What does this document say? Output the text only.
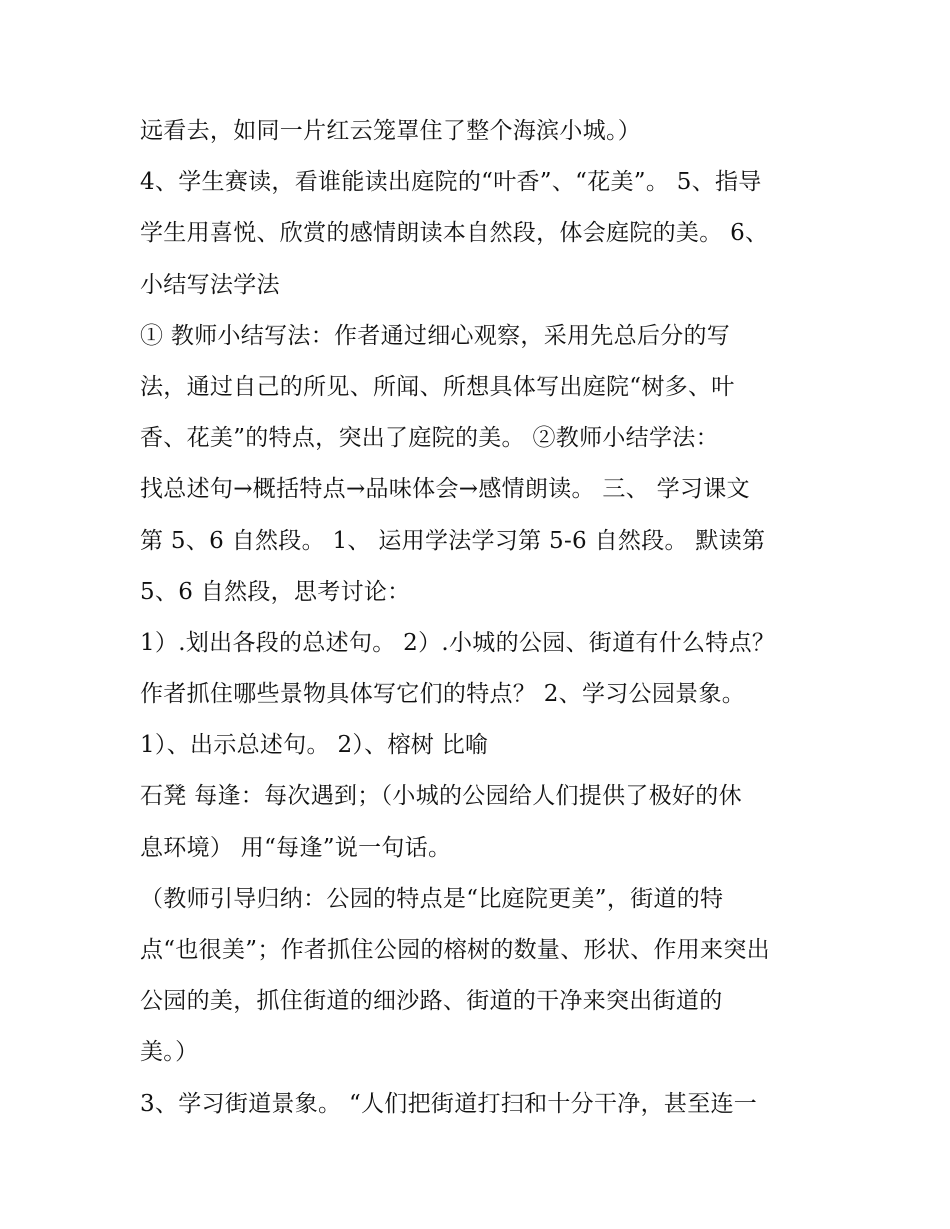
远看去，如同一片红云笼罩住了整个海滨小城。）
4、学生赛读，看谁能读出庭院的“叶香”、“花美”。 5、指导
学生用喜悦、欣赏的感情朗读本自然段，体会庭院的美。 6、
小结写法学法
① 教师小结写法：作者通过细心观察，采用先总后分的写
法，通过自己的所见、所闻、所想具体写出庭院“树多、叶
香、花美”的特点，突出了庭院的美。 ②教师小结学法：
找总述句→概括特点→品味体会→感情朗读。 三、 学习课文
第 5、6 自然段。 1、 运用学法学习第 5-6 自然段。 默读第
5、6 自然段，思考讨论：
1）.划出各段的总述句。 2）.小城的公园、街道有什么特点？
作者抓住哪些景物具体写它们的特点？ 2、学习公园景象。
1）、出示总述句。 2）、榕树 比喻
石凳 每逢：每次遇到；（小城的公园给人们提供了极好的休
息环境） 用“每逢”说一句话。
（教师引导归纳：公园的特点是“比庭院更美”，街道的特
点“也很美”；作者抓住公园的榕树的数量、形状、作用来突出
公园的美，抓住街道的细沙路、街道的干净来突出街道的
美。）
3、学习街道景象。 “人们把街道打扫和十分干净，甚至连一
